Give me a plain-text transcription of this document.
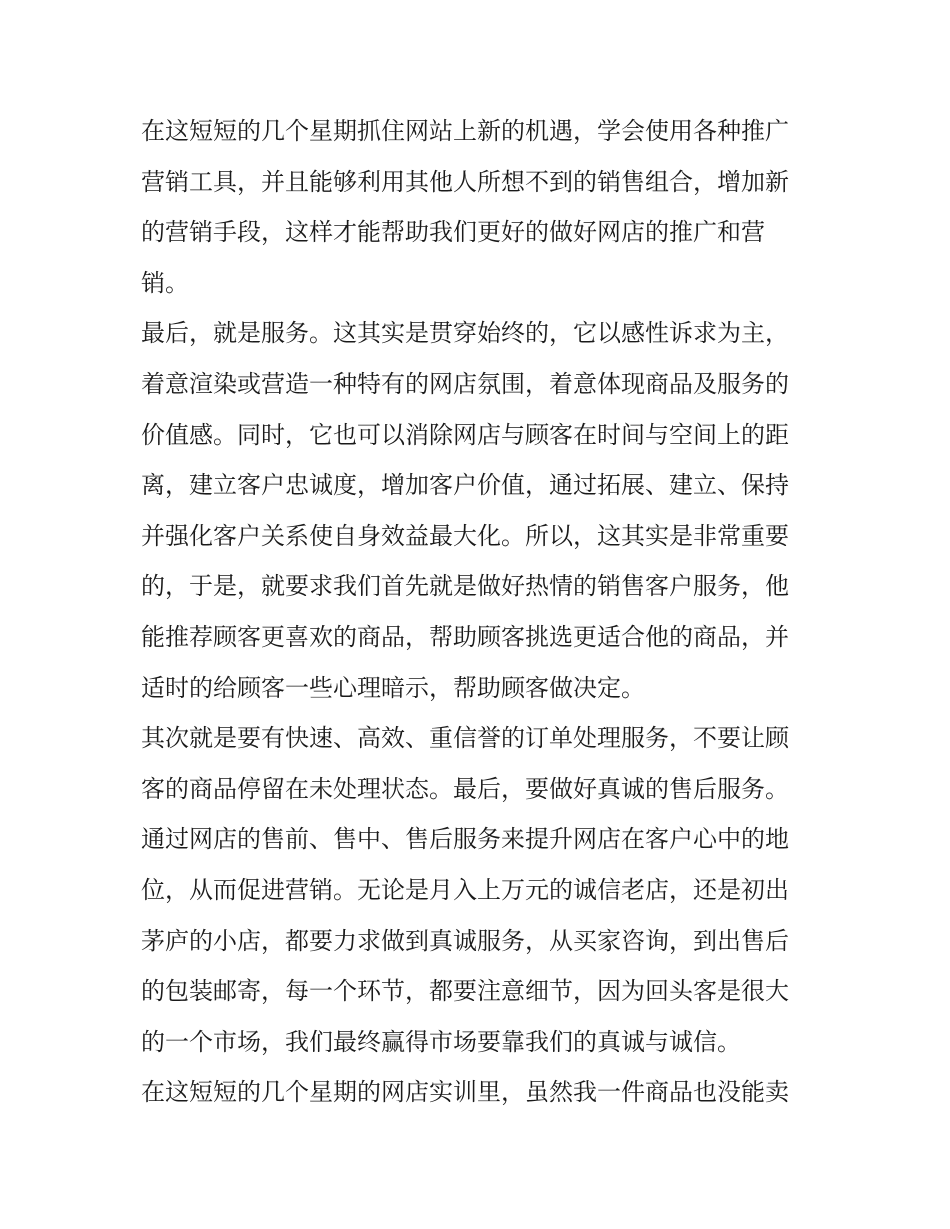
在这短短的几个星期抓住网站上新的机遇，学会使用各种推广
营销工具，并且能够利用其他人所想不到的销售组合，增加新
的营销手段，这样才能帮助我们更好的做好网店的推广和营
销。
最后，就是服务。这其实是贯穿始终的，它以感性诉求为主，
着意渲染或营造一种特有的网店氛围，着意体现商品及服务的
价值感。同时，它也可以消除网店与顾客在时间与空间上的距
离，建立客户忠诚度，增加客户价值，通过拓展、建立、保持
并强化客户关系使自身效益最大化。所以，这其实是非常重要
的，于是，就要求我们首先就是做好热情的销售客户服务，他
能推荐顾客更喜欢的商品，帮助顾客挑选更适合他的商品，并
适时的给顾客一些心理暗示，帮助顾客做决定。
其次就是要有快速、高效、重信誉的订单处理服务，不要让顾
客的商品停留在未处理状态。最后，要做好真诚的售后服务。
通过网店的售前、售中、售后服务来提升网店在客户心中的地
位，从而促进营销。无论是月入上万元的诚信老店，还是初出
茅庐的小店，都要力求做到真诚服务，从买家咨询，到出售后
的包装邮寄，每一个环节，都要注意细节，因为回头客是很大
的一个市场，我们最终赢得市场要靠我们的真诚与诚信。
在这短短的几个星期的网店实训里，虽然我一件商品也没能卖
